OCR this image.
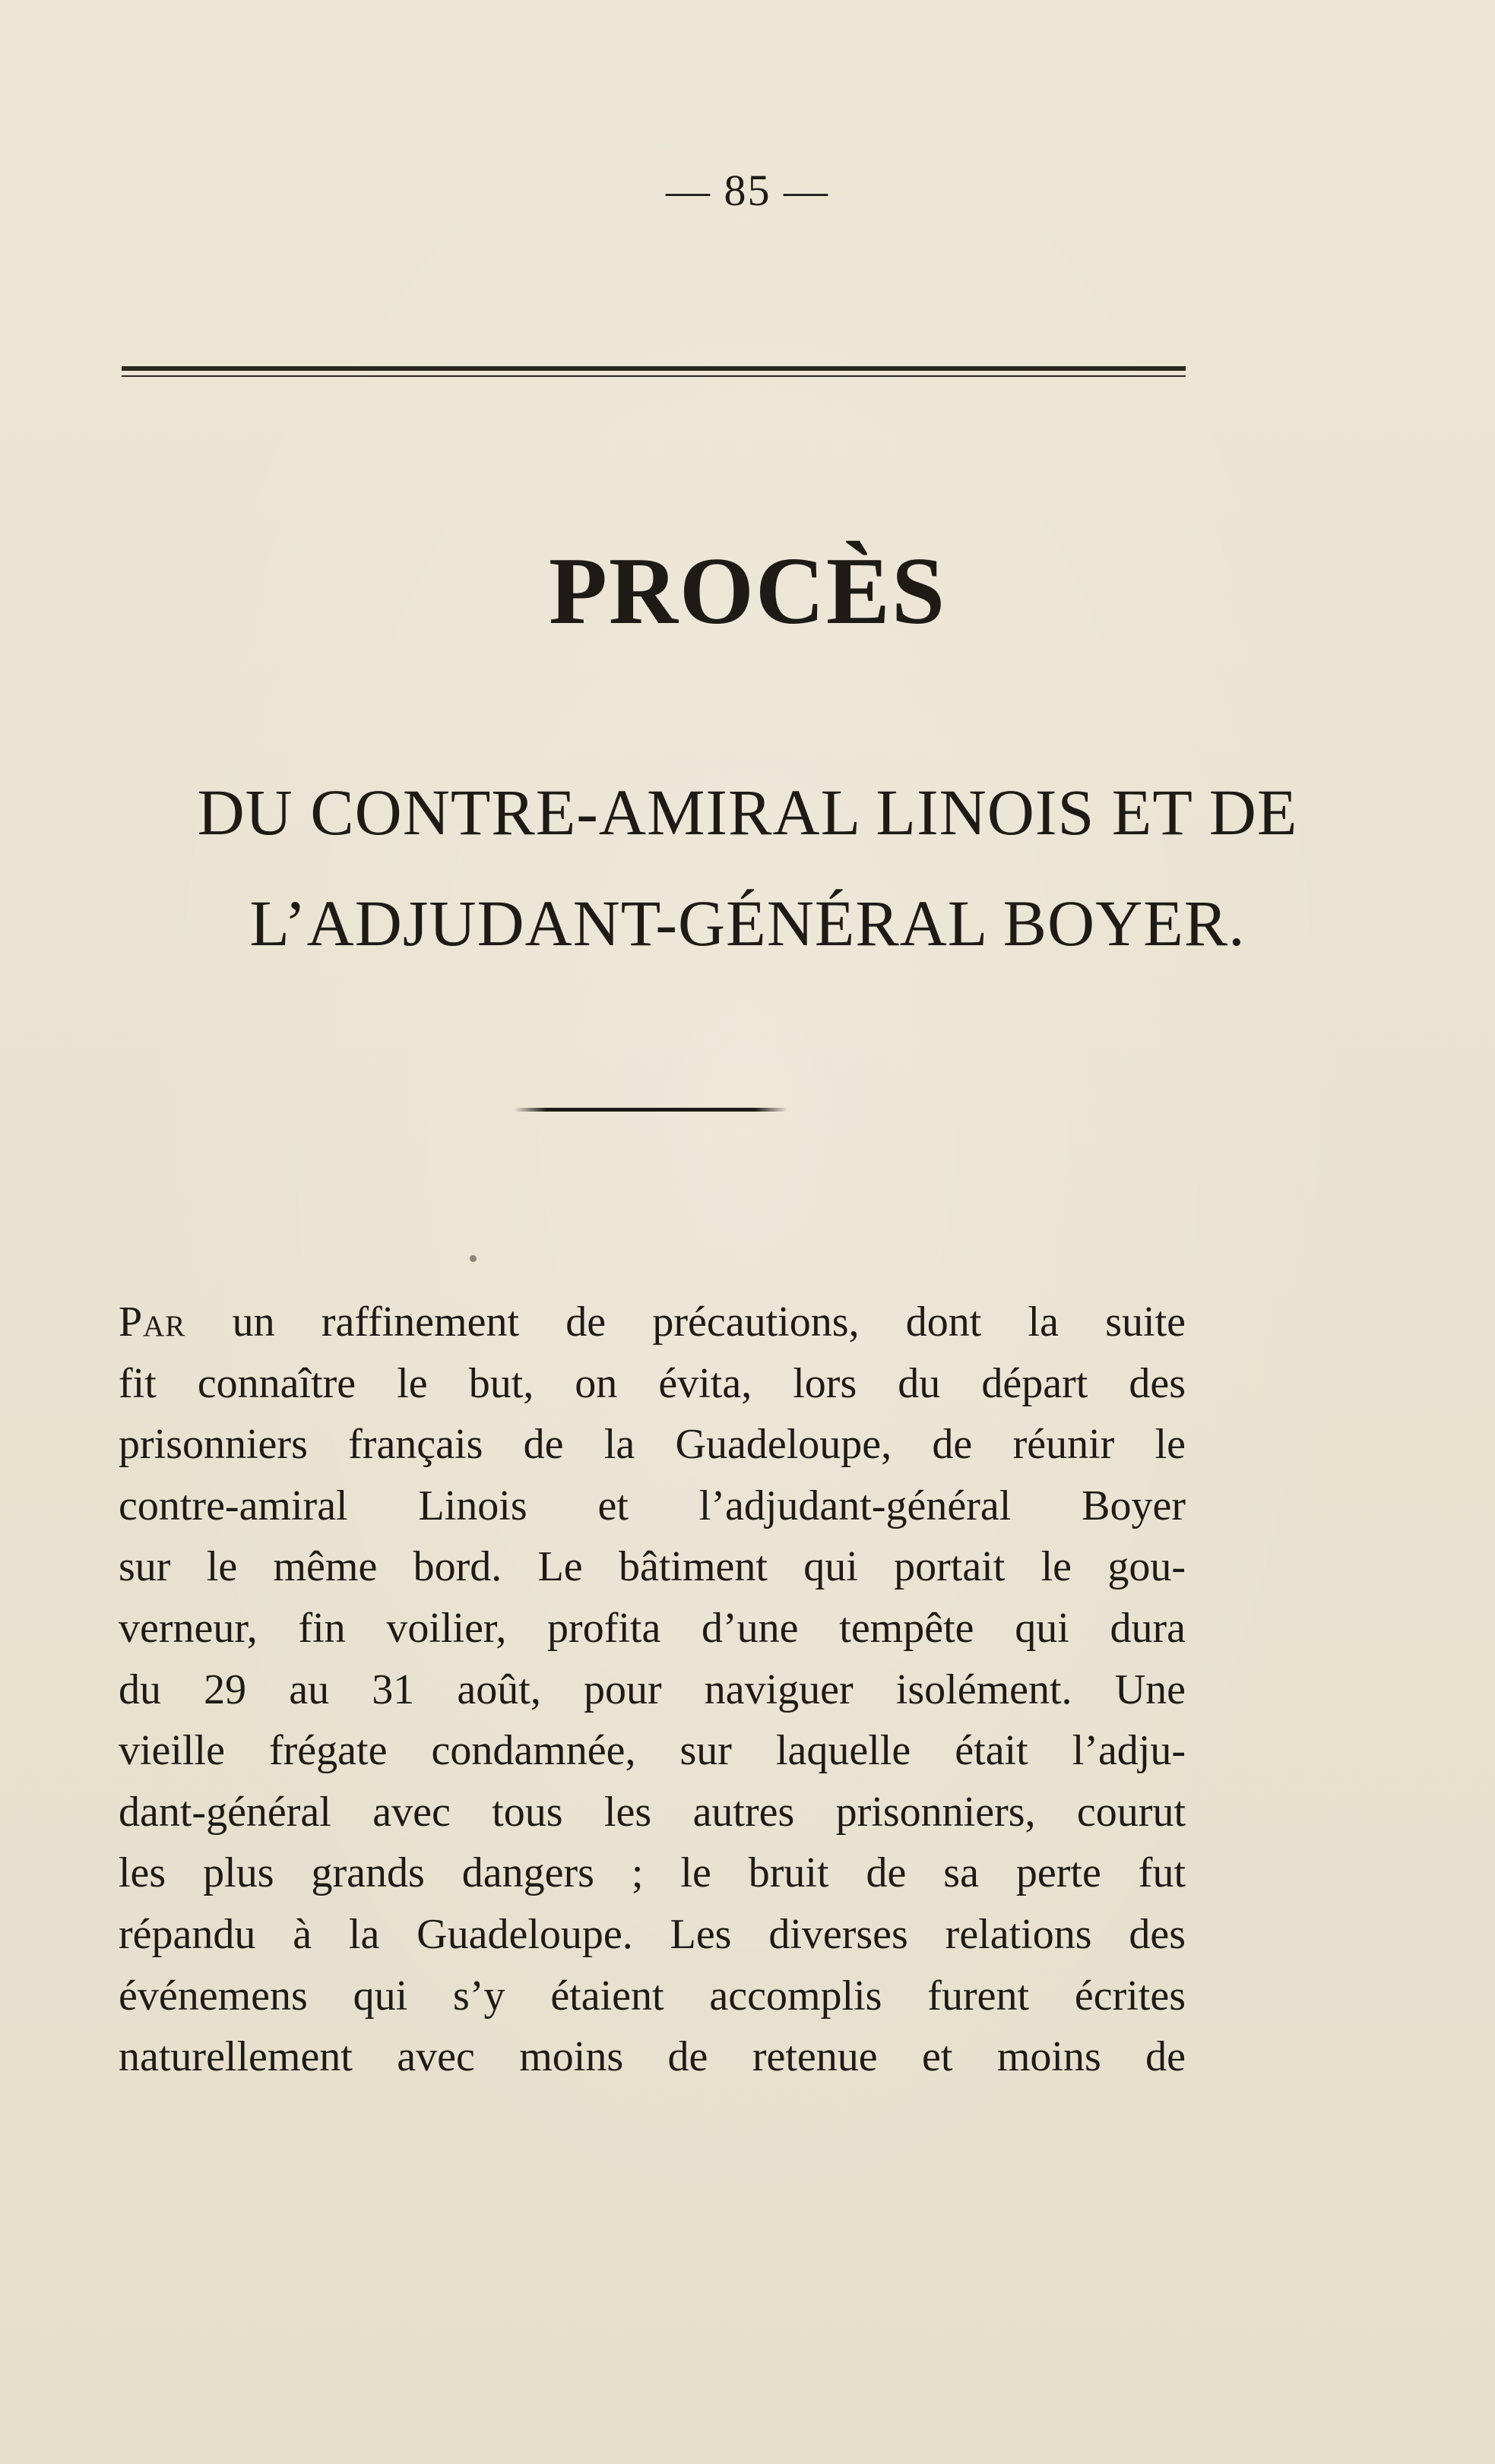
— 85 —
PROCÈS
DU CONTRE-AMIRAL LINOIS ET DE
L’ADJUDANT-GÉNÉRAL BOYER.
Par un raffinement de précautions, dont la suite
fit connaître le but, on évita, lors du départ des
prisonniers français de la Guadeloupe, de réunir le
contre-amiral Linois et l’adjudant-général Boyer
sur le même bord. Le bâtiment qui portait le gou-
verneur, fin voilier, profita d’une tempête qui dura
du 29 au 31 août, pour naviguer isolément. Une
vieille frégate condamnée, sur laquelle était l’adju-
dant-général avec tous les autres prisonniers, courut
les plus grands dangers ; le bruit de sa perte fut
répandu à la Guadeloupe. Les diverses relations des
événemens qui s’y étaient accomplis furent écrites
naturellement avec moins de retenue et moins de
